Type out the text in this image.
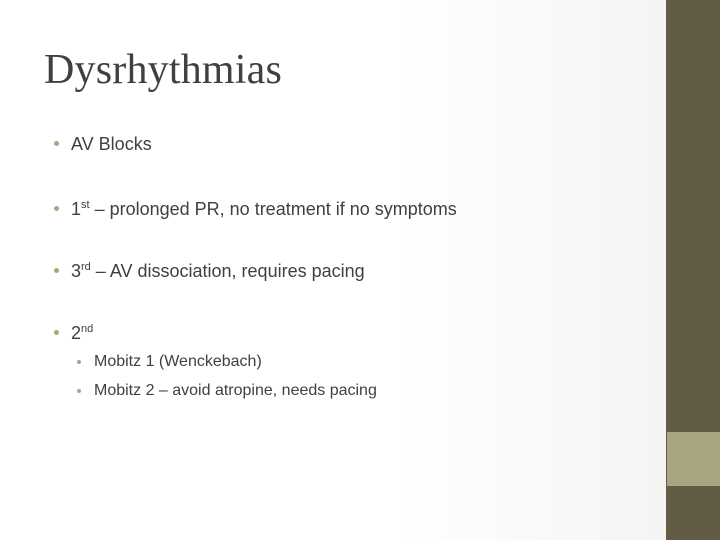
Dysrhythmias
AV Blocks
1st – prolonged PR, no treatment if no symptoms
3rd – AV dissociation, requires pacing
2nd
Mobitz 1 (Wenckebach)
Mobitz 2 – avoid atropine, needs pacing
